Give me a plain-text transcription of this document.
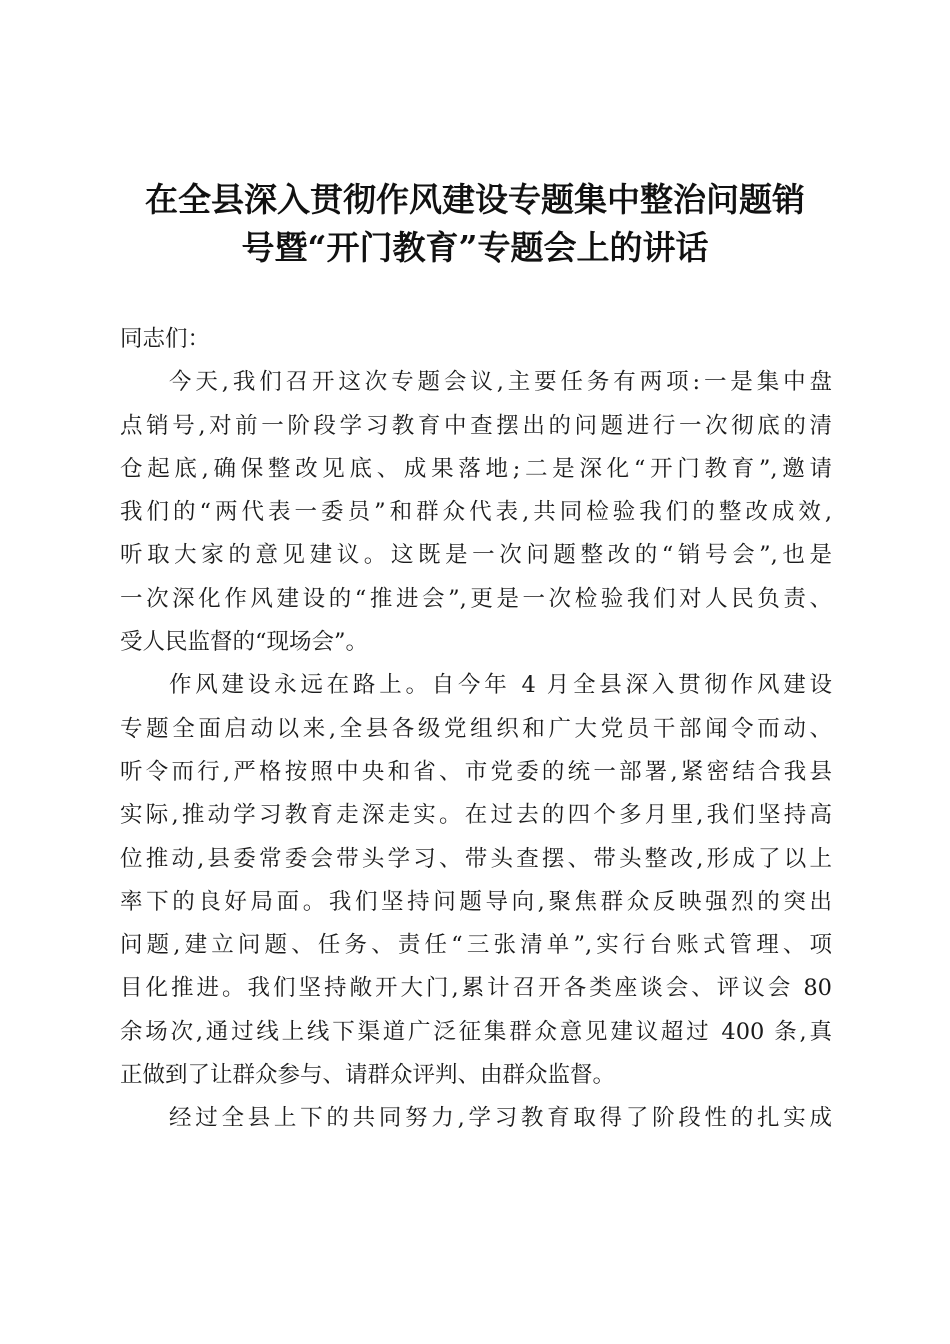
在全县深入贯彻作风建设专题集中整治问题销
号暨“开门教育”专题会上的讲话
同志们：
今天,我们召开这次专题会议,主要任务有两项:一是集中盘
点销号,对前一阶段学习教育中查摆出的问题进行一次彻底的清
仓起底,确保整改见底、成果落地;二是深化“开门教育”,邀请
我们的“两代表一委员”和群众代表,共同检验我们的整改成效,
听取大家的意见建议。这既是一次问题整改的“销号会”,也是
一次深化作风建设的“推进会”,更是一次检验我们对人民负责、
受人民监督的“现场会”。
作风建设永远在路上。自今年 4 月全县深入贯彻作风建设
专题全面启动以来,全县各级党组织和广大党员干部闻令而动、
听令而行,严格按照中央和省、市党委的统一部署,紧密结合我县
实际,推动学习教育走深走实。在过去的四个多月里,我们坚持高
位推动,县委常委会带头学习、带头查摆、带头整改,形成了以上
率下的良好局面。我们坚持问题导向,聚焦群众反映强烈的突出
问题,建立问题、任务、责任“三张清单”,实行台账式管理、项
目化推进。我们坚持敞开大门,累计召开各类座谈会、评议会 80
余场次,通过线上线下渠道广泛征集群众意见建议超过 400 条,真
正做到了让群众参与、请群众评判、由群众监督。
经过全县上下的共同努力,学习教育取得了阶段性的扎实成
